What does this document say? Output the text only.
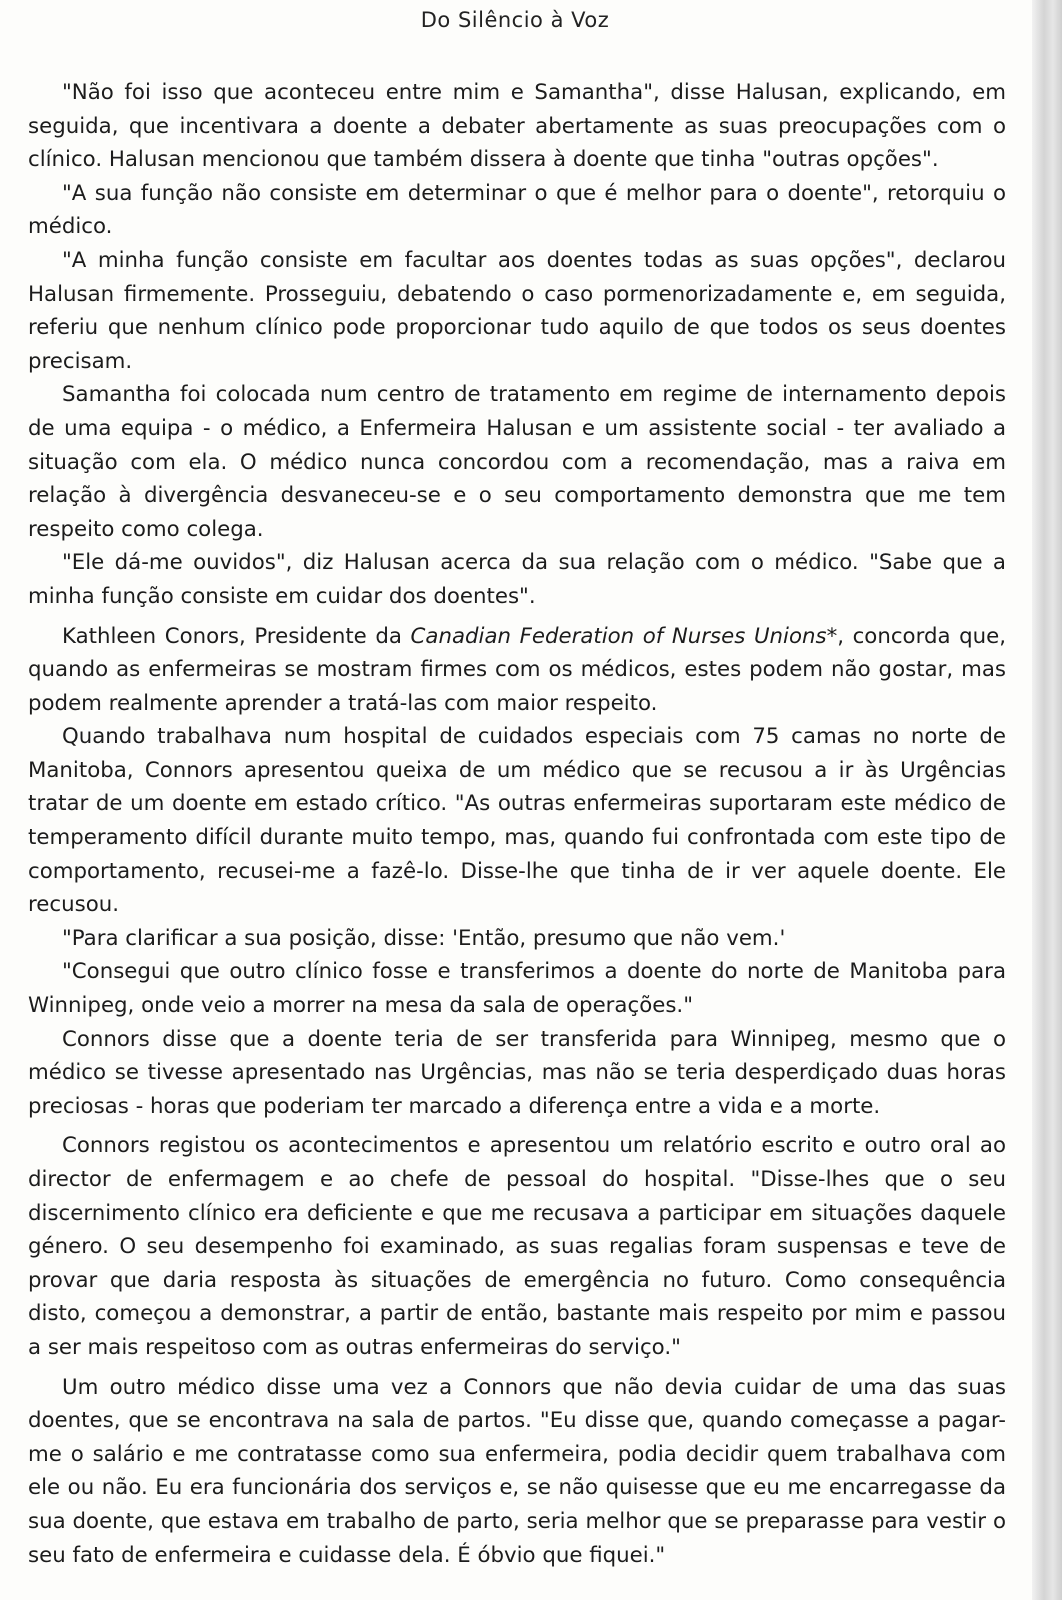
Do Silêncio à Voz

"Não foi isso que aconteceu entre mim e Samantha", disse Halusan, explicando, em seguida, que incentivara a doente a debater abertamente as suas preocupações com o clínico. Halusan mencionou que também dissera à doente que tinha "outras opções".

"A sua função não consiste em determinar o que é melhor para o doente", retorquiu o médico.

"A minha função consiste em facultar aos doentes todas as suas opções", declarou Halusan firmemente. Prosseguiu, debatendo o caso pormenorizadamente e, em seguida, referiu que nenhum clínico pode proporcionar tudo aquilo de que todos os seus doentes precisam.

Samantha foi colocada num centro de tratamento em regime de internamento depois de uma equipa - o médico, a Enfermeira Halusan e um assistente social - ter avaliado a situação com ela. O médico nunca concordou com a recomendação, mas a raiva em relação à divergência desvaneceu-se e o seu comportamento demonstra que me tem respeito como colega.

"Ele dá-me ouvidos", diz Halusan acerca da sua relação com o médico. "Sabe que a minha função consiste em cuidar dos doentes".

Kathleen Conors, Presidente da Canadian Federation of Nurses Unions*, concorda que, quando as enfermeiras se mostram firmes com os médicos, estes podem não gostar, mas podem realmente aprender a tratá-las com maior respeito.

Quando trabalhava num hospital de cuidados especiais com 75 camas no norte de Manitoba, Connors apresentou queixa de um médico que se recusou a ir às Urgências tratar de um doente em estado crítico. "As outras enfermeiras suportaram este médico de temperamento difícil durante muito tempo, mas, quando fui confrontada com este tipo de comportamento, recusei-me a fazê-lo. Disse-lhe que tinha de ir ver aquele doente. Ele recusou.

"Para clarificar a sua posição, disse: 'Então, presumo que não vem.'

"Consegui que outro clínico fosse e transferimos a doente do norte de Manitoba para Winnipeg, onde veio a morrer na mesa da sala de operações."

Connors disse que a doente teria de ser transferida para Winnipeg, mesmo que o médico se tivesse apresentado nas Urgências, mas não se teria desperdiçado duas horas preciosas - horas que poderiam ter marcado a diferença entre a vida e a morte.

Connors registou os acontecimentos e apresentou um relatório escrito e outro oral ao director de enfermagem e ao chefe de pessoal do hospital. "Disse-lhes que o seu discernimento clínico era deficiente e que me recusava a participar em situações daquele género. O seu desempenho foi examinado, as suas regalias foram suspensas e teve de provar que daria resposta às situações de emergência no futuro. Como consequência disto, começou a demonstrar, a partir de então, bastante mais respeito por mim e passou a ser mais respeitoso com as outras enfermeiras do serviço."

Um outro médico disse uma vez a Connors que não devia cuidar de uma das suas doentes, que se encontrava na sala de partos. "Eu disse que, quando começasse a pagar-me o salário e me contratasse como sua enfermeira, podia decidir quem trabalhava com ele ou não. Eu era funcionária dos serviços e, se não quisesse que eu me encarregasse da sua doente, que estava em trabalho de parto, seria melhor que se preparasse para vestir o seu fato de enfermeira e cuidasse dela. É óbvio que fiquei."
